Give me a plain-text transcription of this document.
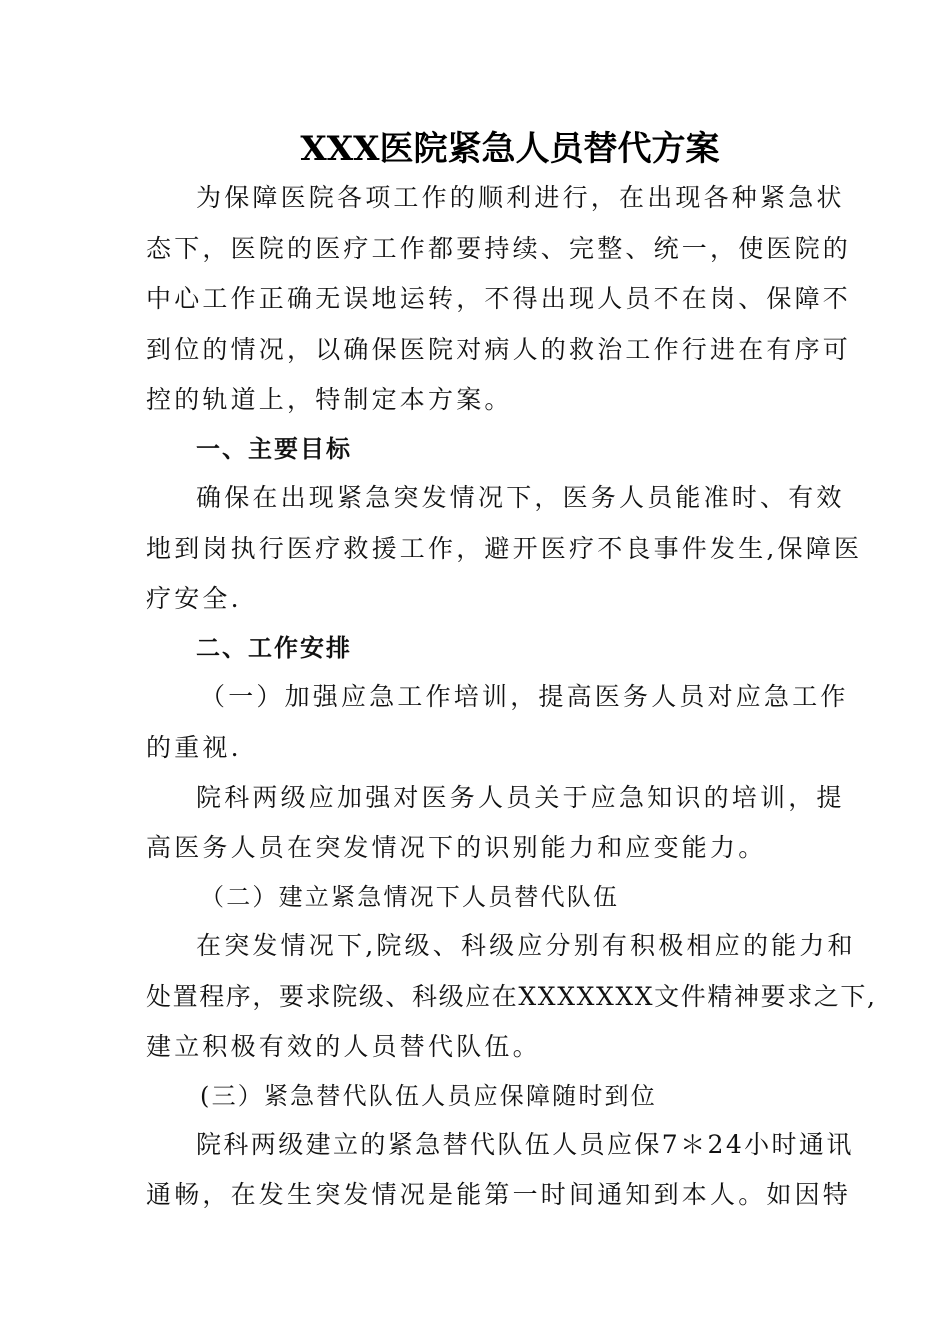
XXX医院紧急人员替代方案
为保障医院各项工作的顺利进行，在出现各种紧急状
态下，医院的医疗工作都要持续、完整、统一，使医院的
中心工作正确无误地运转，不得出现人员不在岗、保障不
到位的情况，以确保医院对病人的救治工作行进在有序可
控的轨道上，特制定本方案。
一、主要目标
确保在出现紧急突发情况下，医务人员能准时、有效
地到岗执行医疗救援工作，避开医疗不良事件发生,保障医
疗安全.
二、工作安排
（一）加强应急工作培训，提高医务人员对应急工作
的重视.
院科两级应加强对医务人员关于应急知识的培训，提
高医务人员在突发情况下的识别能力和应变能力。
（二）建立紧急情况下人员替代队伍
在突发情况下,院级、科级应分别有积极相应的能力和
处置程序，要求院级、科级应在XXXXXXX文件精神要求之下,
建立积极有效的人员替代队伍。
(三）紧急替代队伍人员应保障随时到位
院科两级建立的紧急替代队伍人员应保7＊24小时通讯
通畅，在发生突发情况是能第一时间通知到本人。如因特
